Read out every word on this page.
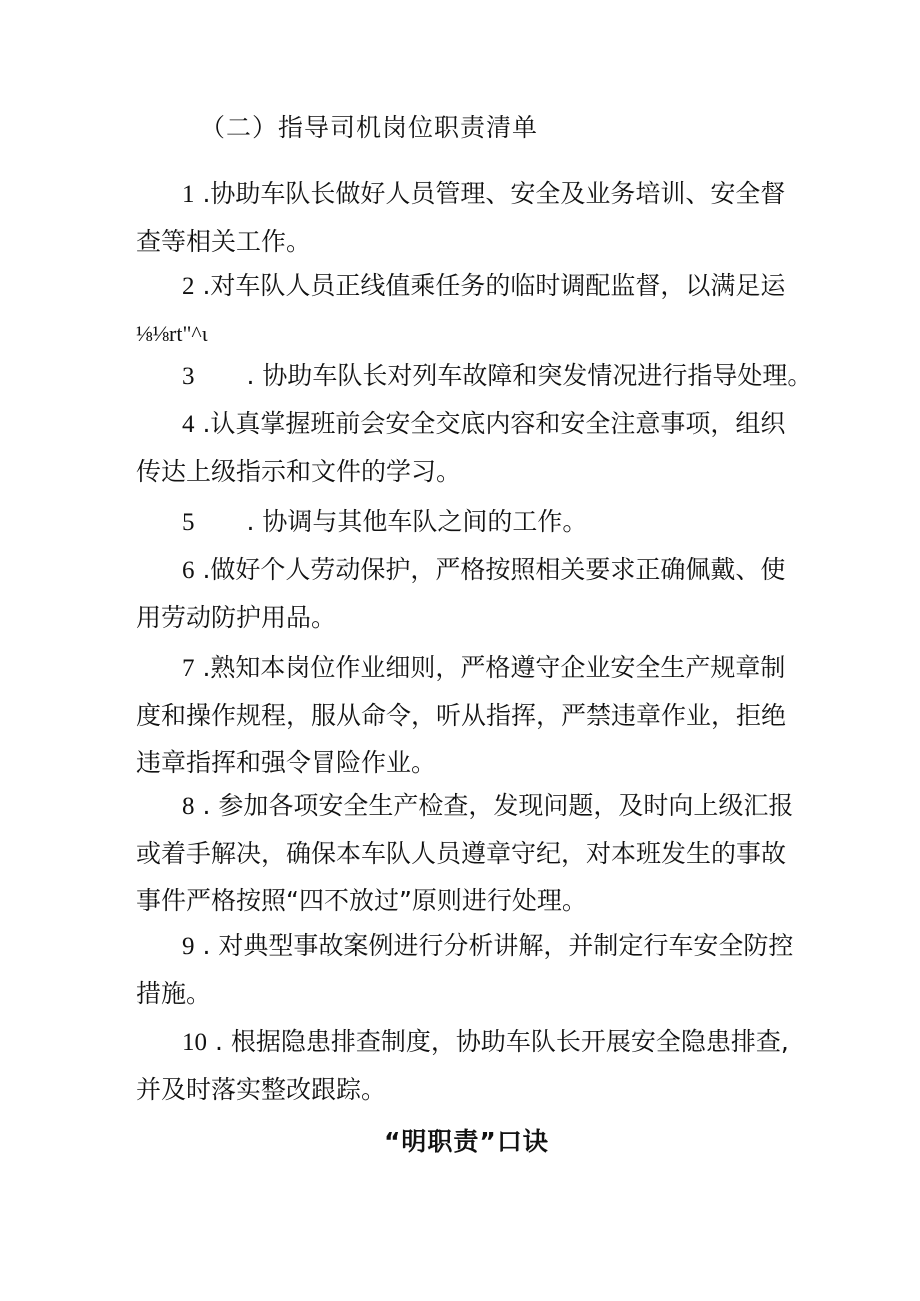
（二）指导司机岗位职责清单
1 .协助车队长做好人员管理、安全及业务培训、安全督
查等相关工作。
2 .对车队人员正线值乘任务的临时调配监督，以满足运
⅛⅛rt"^ι
3 . 协助车队长对列车故障和突发情况进行指导处理。
4 .认真掌握班前会安全交底内容和安全注意事项，组织
传达上级指示和文件的学习。
5 . 协调与其他车队之间的工作。
6 .做好个人劳动保护，严格按照相关要求正确佩戴、使
用劳动防护用品。
7 .熟知本岗位作业细则，严格遵守企业安全生产规章制
度和操作规程，服从命令，听从指挥，严禁违章作业，拒绝
违章指挥和强令冒险作业。
8 . 参加各项安全生产检查，发现问题，及时向上级汇报
或着手解决，确保本车队人员遵章守纪，对本班发生的事故
事件严格按照“四不放过”原则进行处理。
9 . 对典型事故案例进行分析讲解，并制定行车安全防控
措施。
10 . 根据隐患排查制度，协助车队长开展安全隐患排查,
并及时落实整改跟踪。
“明职责”口诀
